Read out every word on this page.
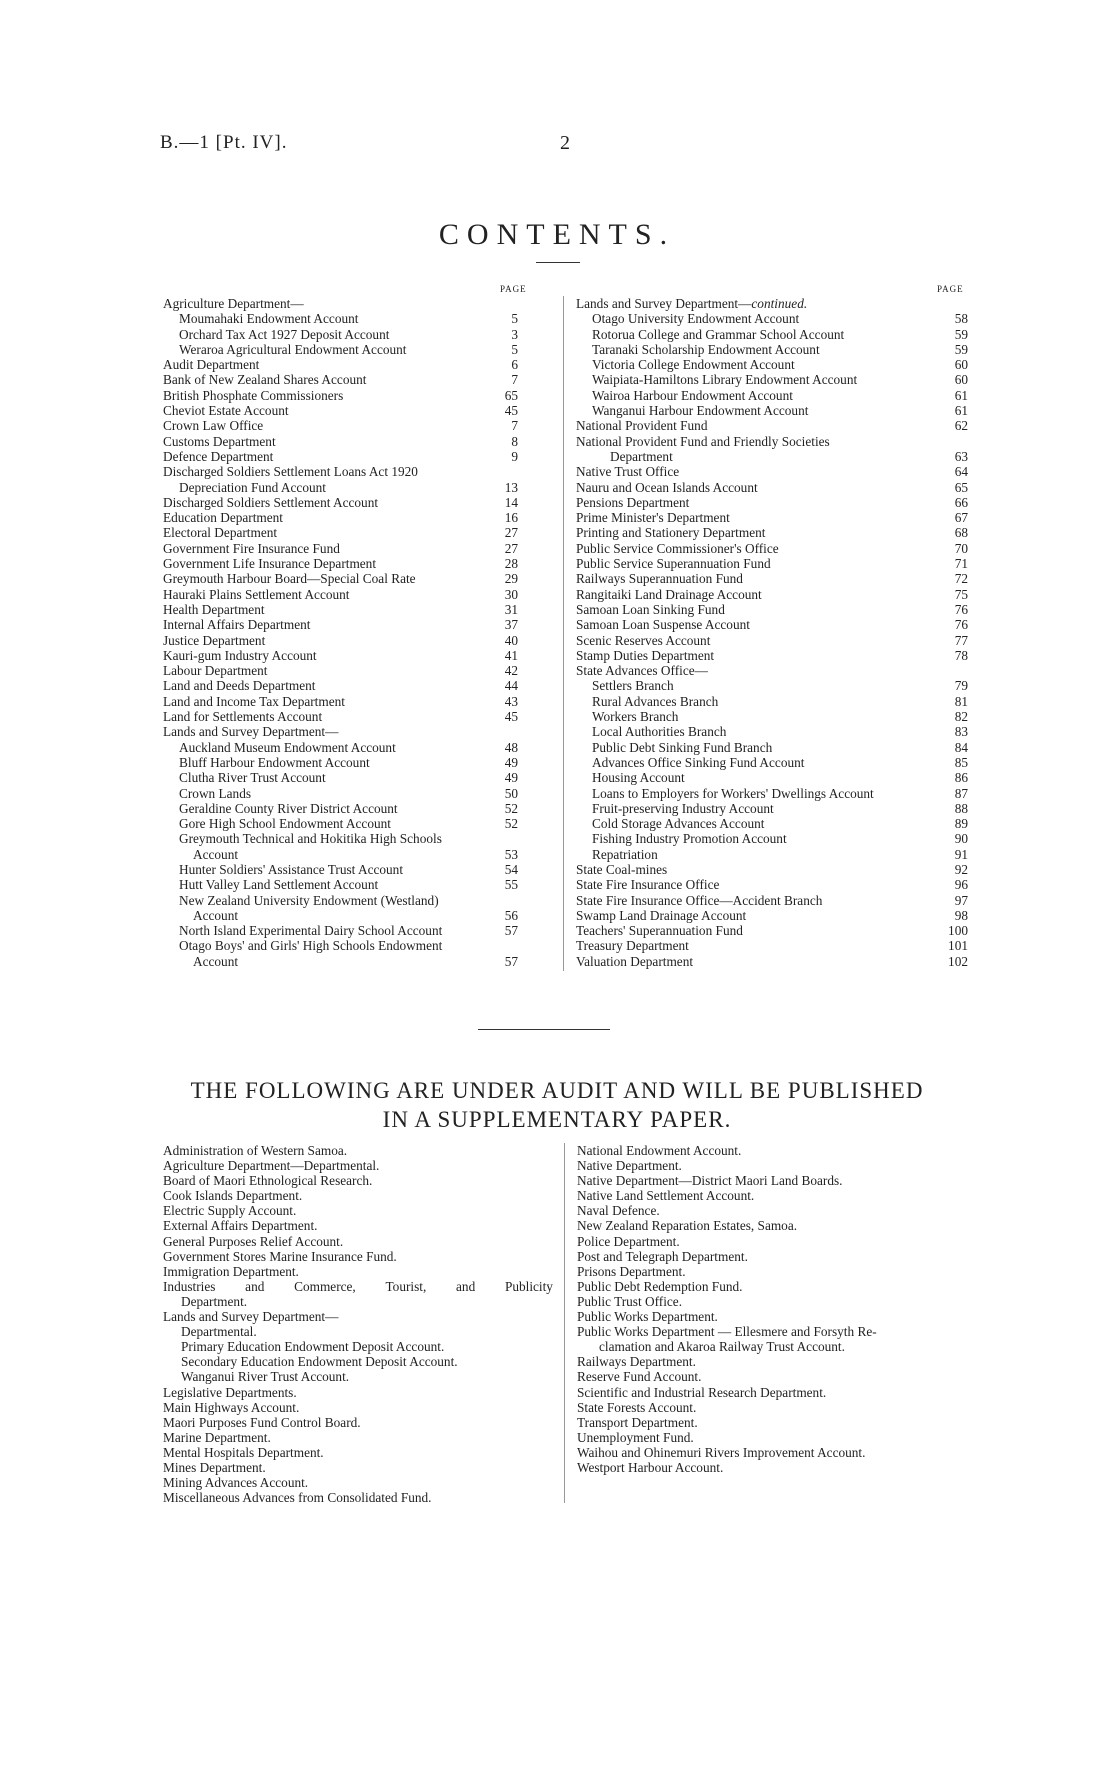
B.—1 [Pt. IV].	2
CONTENTS.
PAGE	PAGE
Agriculture Department—
Moumahaki Endowment Account	5
Orchard Tax Act 1927 Deposit Account	3
Weraroa Agricultural Endowment Account	5
Audit Department	6
Bank of New Zealand Shares Account	7
British Phosphate Commissioners	65
Cheviot Estate Account	45
Crown Law Office	7
Customs Department	8
Defence Department	9
Discharged Soldiers Settlement Loans Act 1920
Depreciation Fund Account	13
Discharged Soldiers Settlement Account	14
Education Department	16
Electoral Department	27
Government Fire Insurance Fund	27
Government Life Insurance Department	28
Greymouth Harbour Board—Special Coal Rate	29
Hauraki Plains Settlement Account	30
Health Department	31
Internal Affairs Department	37
Justice Department	40
Kauri-gum Industry Account	41
Labour Department	42
Land and Deeds Department	44
Land and Income Tax Department	43
Land for Settlements Account	45
Lands and Survey Department—
Auckland Museum Endowment Account	48
Bluff Harbour Endowment Account	49
Clutha River Trust Account	49
Crown Lands	50
Geraldine County River District Account	52
Gore High School Endowment Account	52
Greymouth Technical and Hokitika High Schools
Account	53
Hunter Soldiers' Assistance Trust Account	54
Hutt Valley Land Settlement Account	55
New Zealand University Endowment (Westland)
Account	56
North Island Experimental Dairy School Account	57
Otago Boys' and Girls' High Schools Endowment
Account	57
Lands and Survey Department—continued.
Otago University Endowment Account	58
Rotorua College and Grammar School Account	59
Taranaki Scholarship Endowment Account	59
Victoria College Endowment Account	60
Waipiata-Hamiltons Library Endowment Account	60
Wairoa Harbour Endowment Account	61
Wanganui Harbour Endowment Account	61
National Provident Fund	62
National Provident Fund and Friendly Societies
Department	63
Native Trust Office	64
Nauru and Ocean Islands Account	65
Pensions Department	66
Prime Minister's Department	67
Printing and Stationery Department	68
Public Service Commissioner's Office	70
Public Service Superannuation Fund	71
Railways Superannuation Fund	72
Rangitaiki Land Drainage Account	75
Samoan Loan Sinking Fund	76
Samoan Loan Suspense Account	76
Scenic Reserves Account	77
Stamp Duties Department	78
State Advances Office—
Settlers Branch	79
Rural Advances Branch	81
Workers Branch	82
Local Authorities Branch	83
Public Debt Sinking Fund Branch	84
Advances Office Sinking Fund Account	85
Housing Account	86
Loans to Employers for Workers' Dwellings Account	87
Fruit-preserving Industry Account	88
Cold Storage Advances Account	89
Fishing Industry Promotion Account	90
Repatriation	91
State Coal-mines	92
State Fire Insurance Office	96
State Fire Insurance Office—Accident Branch	97
Swamp Land Drainage Account	98
Teachers' Superannuation Fund	100
Treasury Department	101
Valuation Department	102
THE FOLLOWING ARE UNDER AUDIT AND WILL BE PUBLISHED
IN A SUPPLEMENTARY PAPER.
Administration of Western Samoa.
Agriculture Department—Departmental.
Board of Maori Ethnological Research.
Cook Islands Department.
Electric Supply Account.
External Affairs Department.
General Purposes Relief Account.
Government Stores Marine Insurance Fund.
Immigration Department.
Industries and Commerce, Tourist, and Publicity
Department.
Lands and Survey Department—
Departmental.
Primary Education Endowment Deposit Account.
Secondary Education Endowment Deposit Account.
Wanganui River Trust Account.
Legislative Departments.
Main Highways Account.
Maori Purposes Fund Control Board.
Marine Department.
Mental Hospitals Department.
Mines Department.
Mining Advances Account.
Miscellaneous Advances from Consolidated Fund.
National Endowment Account.
Native Department.
Native Department—District Maori Land Boards.
Native Land Settlement Account.
Naval Defence.
New Zealand Reparation Estates, Samoa.
Police Department.
Post and Telegraph Department.
Prisons Department.
Public Debt Redemption Fund.
Public Trust Office.
Public Works Department.
Public Works Department — Ellesmere and Forsyth Re-
clamation and Akaroa Railway Trust Account.
Railways Department.
Reserve Fund Account.
Scientific and Industrial Research Department.
State Forests Account.
Transport Department.
Unemployment Fund.
Waihou and Ohinemuri Rivers Improvement Account.
Westport Harbour Account.
